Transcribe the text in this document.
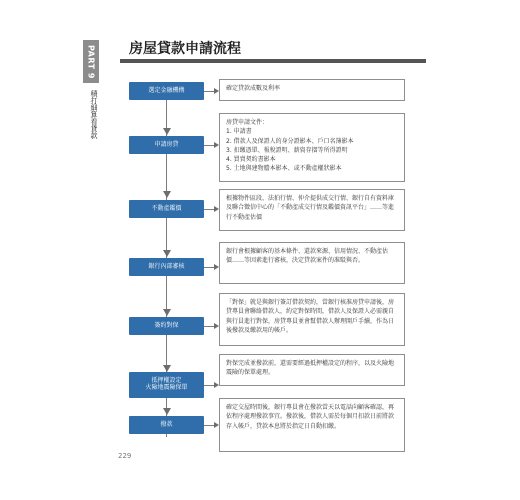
PART 9
積打細算看貸款
房屋貸款申請流程
選定金融機構	確定貸款成數及利率
申請房貸
房貸申請文件：
1. 申請書
2. 借款人及保證人的身分證影本、戶口名簿影本
3. 扣繳憑單、報稅證明、薪資存摺等所得證明
4. 買賣契約書影本
5. 土地與建物謄本影本、或不動產權狀影本
不動產鑑價
根據物件區段、法拍行情、仲介提供成交行情、銀行自有資料庫及聯合徵信中心的「不動產成交行情及鑑價資訊平台」……等進行不動產估價
銀行內部審核
銀行會根據顧客的基本條件、還款來源、信用情況、不動產估價……等因素進行審核，決定貸款案件的准駁與否。
簽約對保
「對保」就是與銀行簽訂借款契約，當銀行核准房貸申請後，房貸專員會聯絡借款人，約定對保時間，借款人及保證人必需親自與行員進行對保，房貸專員並會幫借款人辦理開戶手續，作為日後撥款及繳款用的帳戶。
抵押權設定
火險地震險保單
對保完成並撥款前，還需要經過抵押權設定的程序，以及火險地震險的保單處理。
撥款
確定交屋時間後，銀行專員會在撥款當天以電話向顧客確認，再依程序處理撥款事宜。撥款後，借款人需於每個月扣款日前將款存入帳戶，貸款本息將於指定日自動扣繳。
229
